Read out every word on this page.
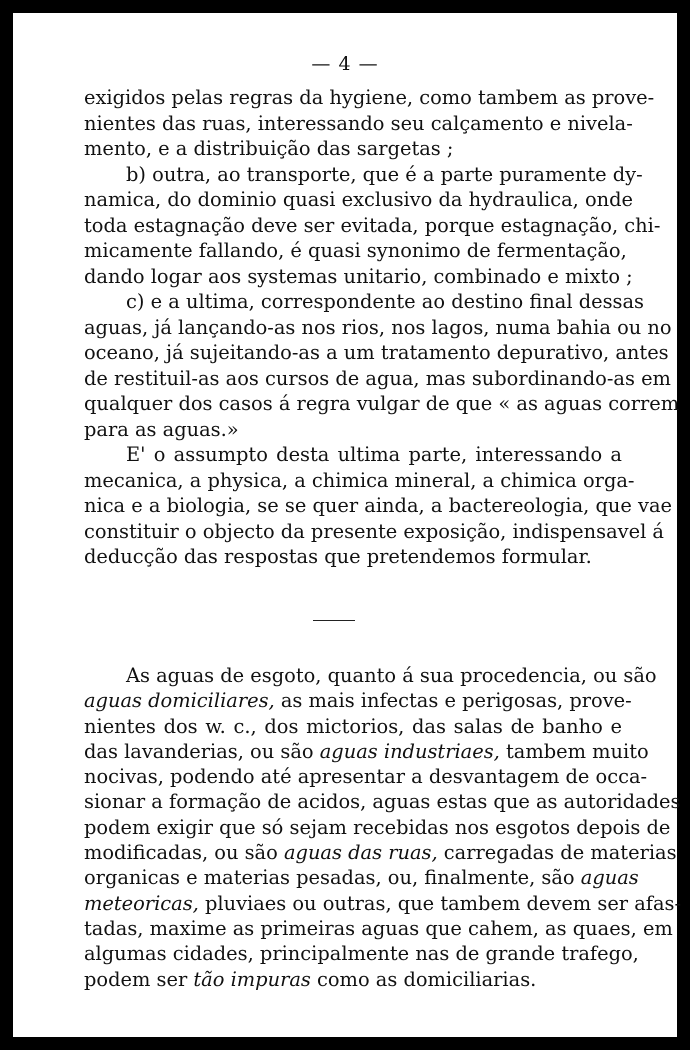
— 4 —
exigidos pelas regras da hygiene, como tambem as prove-
nientes das ruas, interessando seu calçamento e nivela-
mento, e a distribuição das sargetas ;
b) outra, ao transporte, que é a parte puramente dy-
namica, do dominio quasi exclusivo da hydraulica, onde
toda estagnação deve ser evitada, porque estagnação, chi-
micamente fallando, é quasi synonimo de fermentação,
dando logar aos systemas unitario, combinado e mixto ;
c) e a ultima, correspondente ao destino final dessas
aguas, já lançando-as nos rios, nos lagos, numa bahia ou no
oceano, já sujeitando-as a um tratamento depurativo, antes
de restituil-as aos cursos de agua, mas subordinando-as em
qualquer dos casos á regra vulgar de que « as aguas correm
para as aguas.»
E' o assumpto desta ultima parte, interessando a
mecanica, a physica, a chimica mineral, a chimica orga-
nica e a biologia, se se quer ainda, a bactereologia, que vae
constituir o objecto da presente exposição, indispensavel á
deducção das respostas que pretendemos formular.
As aguas de esgoto, quanto á sua procedencia, ou são
aguas domiciliares, as mais infectas e perigosas, prove-
nientes dos w. c., dos mictorios, das salas de banho e
das lavanderias, ou são aguas industriaes, tambem muito
nocivas, podendo até apresentar a desvantagem de occa-
sionar a formação de acidos, aguas estas que as autoridades
podem exigir que só sejam recebidas nos esgotos depois de
modificadas, ou são aguas das ruas, carregadas de materias
organicas e materias pesadas, ou, finalmente, são aguas
meteoricas, pluviaes ou outras, que tambem devem ser afas-
tadas, maxime as primeiras aguas que cahem, as quaes, em
algumas cidades, principalmente nas de grande trafego,
podem ser tão impuras como as domiciliarias.
